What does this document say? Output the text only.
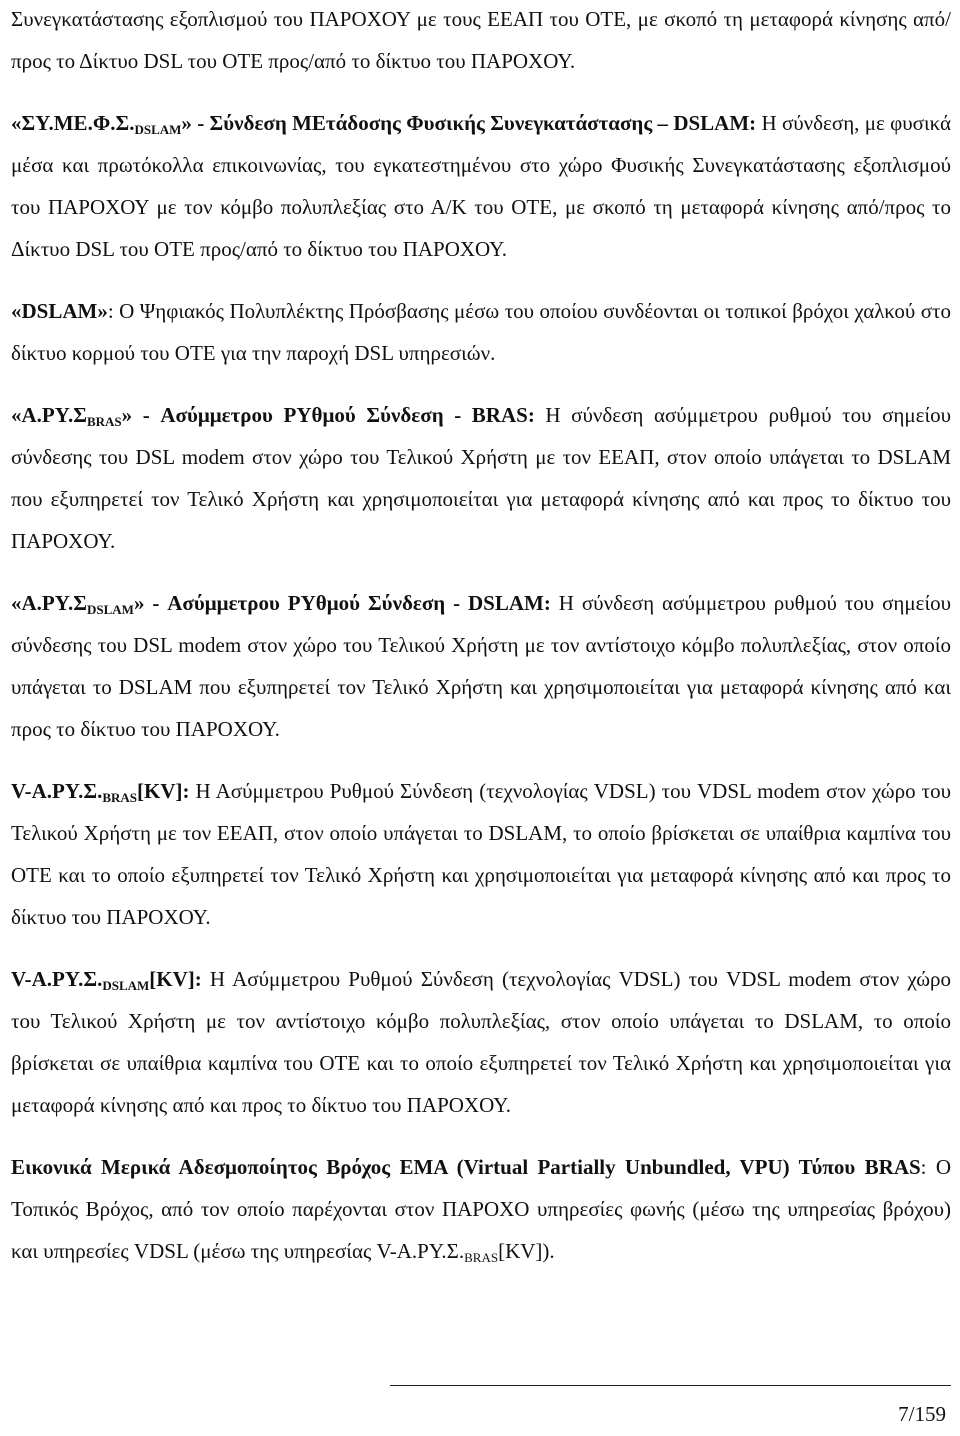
Συνεγκατάστασης εξοπλισμού του ΠΑΡΟΧΟΥ με τους ΕΕΑΠ του ΟΤΕ, με σκοπό τη μεταφορά κίνησης από/προς το Δίκτυο DSL του ΟΤΕ προς/από το δίκτυο του ΠΑΡΟΧΟΥ.

«$\Sigma\Upsilon.ME.\Phi.\Sigma._{DSLAM}$» - Σύνδεση ΜΕτάδοσης Φυσικής Συνεγκατάστασης – DSLAM: Η σύνδεση, με φυσικά μέσα και πρωτόκολλα επικοινωνίας, του εγκατεστημένου στο χώρο Φυσικής Συνεγκατάστασης εξοπλισμού του ΠΑΡΟΧΟΥ με τον κόμβο πολυπλεξίας στο Α/Κ του ΟΤΕ, με σκοπό τη μεταφορά κίνησης από/προς το Δίκτυο DSL του ΟΤΕ προς/από το δίκτυο του ΠΑΡΟΧΟΥ.

«DSLAM»: Ο Ψηφιακός Πολυπλέκτης Πρόσβασης μέσω του οποίου συνδέονται οι τοπικοί βρόχοι χαλκού στο δίκτυο κορμού του ΟΤΕ για την παροχή DSL υπηρεσιών.

«$A.P\Upsilon.\Sigma_{BRAS}$» - Ασύμμετρου ΡΥθμού Σύνδεση - BRAS: Η σύνδεση ασύμμετρου ρυθμού του σημείου σύνδεσης του DSL modem στον χώρο του Τελικού Χρήστη με τον ΕΕΑΠ, στον οποίο υπάγεται το DSLAM που εξυπηρετεί τον Τελικό Χρήστη και χρησιμοποιείται για μεταφορά κίνησης από και προς το δίκτυο του ΠΑΡΟΧΟΥ.

«$A.P\Upsilon.\Sigma_{DSLAM}$» - Ασύμμετρου ΡΥθμού Σύνδεση - DSLAM: Η σύνδεση ασύμμετρου ρυθμού του σημείου σύνδεσης του DSL modem στον χώρο του Τελικού Χρήστη με τον αντίστοιχο κόμβο πολυπλεξίας, στον οποίο υπάγεται το DSLAM που εξυπηρετεί τον Τελικό Χρήστη και χρησιμοποιείται για μεταφορά κίνησης από και προς το δίκτυο του ΠΑΡΟΧΟΥ.

$V-A.P\Upsilon.\Sigma._{BRAS}[KV]$: Η Ασύμμετρου Ρυθμού Σύνδεση (τεχνολογίας VDSL) του VDSL modem στον χώρο του Τελικού Χρήστη με τον ΕΕΑΠ, στον οποίο υπάγεται το DSLAM, το οποίο βρίσκεται σε υπαίθρια καμπίνα του ΟΤΕ και το οποίο εξυπηρετεί τον Τελικό Χρήστη και χρησιμοποιείται για μεταφορά κίνησης από και προς το δίκτυο του ΠΑΡΟΧΟΥ.

$V-A.P\Upsilon.\Sigma._{DSLAM}[KV]$: Η Ασύμμετρου Ρυθμού Σύνδεση (τεχνολογίας VDSL) του VDSL modem στον χώρο του Τελικού Χρήστη με τον αντίστοιχο κόμβο πολυπλεξίας, στον οποίο υπάγεται το DSLAM, το οποίο βρίσκεται σε υπαίθρια καμπίνα του ΟΤΕ και το οποίο εξυπηρετεί τον Τελικό Χρήστη και χρησιμοποιείται για μεταφορά κίνησης από και προς το δίκτυο του ΠΑΡΟΧΟΥ.

Εικονικά Μερικά Αδεσμοποίητος Βρόχος ΕΜΑ (Virtual Partially Unbundled, VPU) Τύπου BRAS: Ο Τοπικός Βρόχος, από τον οποίο παρέχονται στον ΠΑΡΟΧΟ υπηρεσίες φωνής (μέσω της υπηρεσίας βρόχου) και υπηρεσίες VDSL (μέσω της υπηρεσίας $V-A.P\Upsilon.\Sigma._{BRAS}[KV]$).

7/159
